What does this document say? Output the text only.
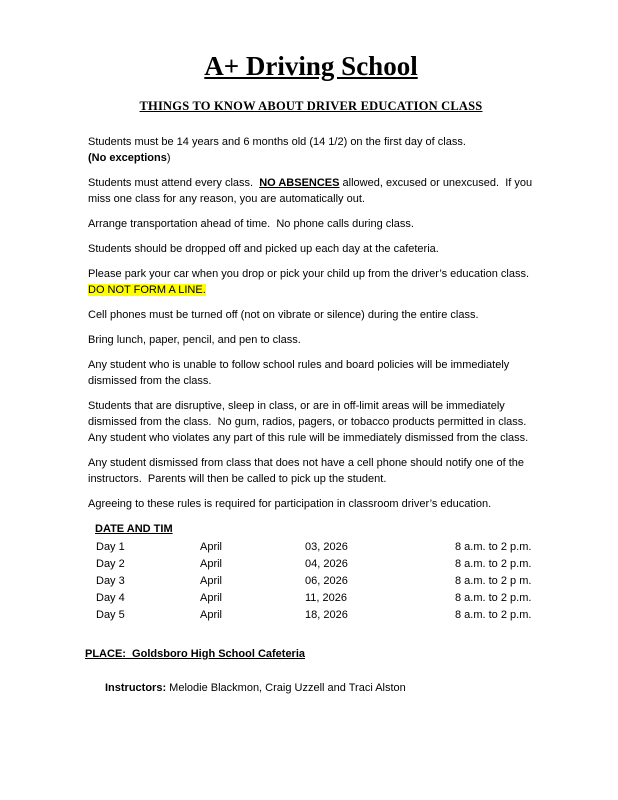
A+ Driving School
THINGS TO KNOW ABOUT DRIVER EDUCATION CLASS

Students must be 14 years and 6 months old (14 1/2) on the first day of class.
(No exceptions)

Students must attend every class.  NO ABSENCES allowed, excused or unexcused.  If you miss one class for any reason, you are automatically out.

Arrange transportation ahead of time.  No phone calls during class.

Students should be dropped off and picked up each day at the cafeteria.

Please park your car when you drop or pick your child up from the driver’s education class.
DO NOT FORM A LINE.

Cell phones must be turned off (not on vibrate or silence) during the entire class.

Bring lunch, paper, pencil, and pen to class.

Any student who is unable to follow school rules and board policies will be immediately dismissed from the class.

Students that are disruptive, sleep in class, or are in off-limit areas will be immediately dismissed from the class.  No gum, radios, pagers, or tobacco products permitted in class.  Any student who violates any part of this rule will be immediately dismissed from the class.

Any student dismissed from class that does not have a cell phone should notify one of the instructors.  Parents will then be called to pick up the student.

Agreeing to these rules is required for participation in classroom driver’s education.

DATE AND TIM
Day 1	April	03, 2026	8 a.m. to 2 p.m.
Day 2	April	04, 2026	8 a.m. to 2 p.m.
Day 3	April	06, 2026	8 a.m. to 2 p m.
Day 4	April	11, 2026	8 a.m. to 2 p.m.
Day 5	April	18, 2026	8 a.m. to 2 p.m.

PLACE:  Goldsboro High School Cafeteria

Instructors: Melodie Blackmon, Craig Uzzell and Traci Alston
